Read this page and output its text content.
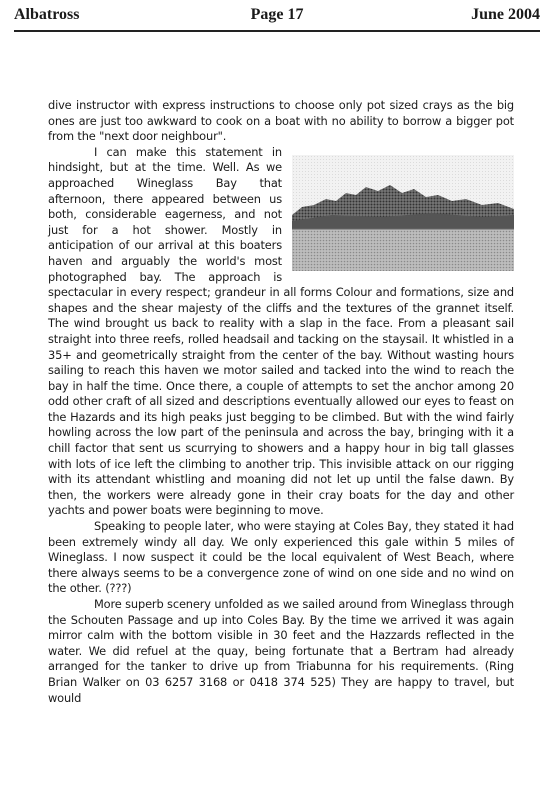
Albatross	Page 17	June 2004

dive instructor with express instructions to choose only pot sized crays as the big ones are just too awkward to cook on a boat with no ability to borrow a bigger pot from the "next door neighbour".

I can make this statement in hindsight, but at the time. Well. As we approached Wineglass Bay that afternoon, there appeared between us both, considerable eagerness, and not just for a hot shower. Mostly in anticipation of our arrival at this boaters haven and arguably the world's most photographed bay. The approach is spectacular in every respect; grandeur in all forms Colour and formations, size and shapes and the shear majesty of the cliffs and the textures of the grannet itself. The wind brought us back to reality with a slap in the face. From a pleasant sail straight into three reefs, rolled headsail and tacking on the staysail. It whistled in a 35+ and geometrically straight from the center of the bay. Without wasting hours sailing to reach this haven we motor sailed and tacked into the wind to reach the bay in half the time. Once there, a couple of attempts to set the anchor among 20 odd other craft of all sized and descriptions eventually allowed our eyes to feast on the Hazards and its high peaks just begging to be climbed. But with the wind fairly howling across the low part of the peninsula and across the bay, bringing with it a chill factor that sent us scurrying to showers and a happy hour in big tall glasses with lots of ice left the climbing to another trip. This invisible attack on our rigging with its attendant whistling and moaning did not let up until the false dawn. By then, the workers were already gone in their cray boats for the day and other yachts and power boats were beginning to move.

Speaking to people later, who were staying at Coles Bay, they stated it had been extremely windy all day. We only experienced this gale within 5 miles of Wineglass. I now suspect it could be the local equivalent of West Beach, where there always seems to be a convergence zone of wind on one side and no wind on the other. (???)

More superb scenery unfolded as we sailed around from Wineglass through the Schouten Passage and up into Coles Bay. By the time we arrived it was again mirror calm with the bottom visible in 30 feet and the Hazzards reflected in the water. We did refuel at the quay, being fortunate that a Bertram had already arranged for the tanker to drive up from Triabunna for his requirements. (Ring Brian Walker on 03 6257 3168 or 0418 374 525) They are happy to travel, but would
